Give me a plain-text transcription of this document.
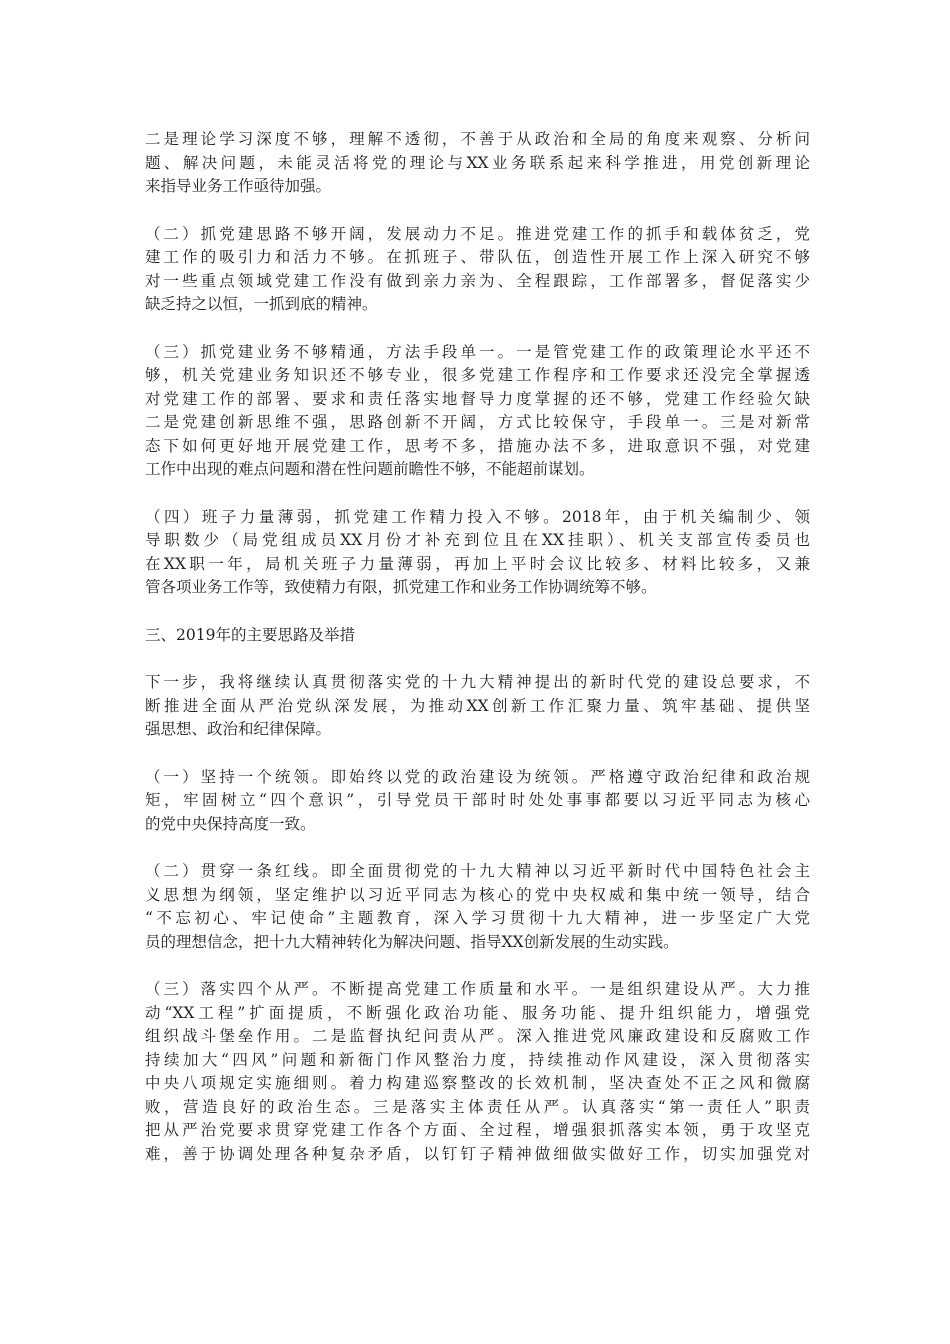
二是理论学习深度不够，理解不透彻，不善于从政治和全局的角度来观察、分析问
题、解决问题，未能灵活将党的理论与XX业务联系起来科学推进，用党创新理论
来指导业务工作亟待加强。
（二）抓党建思路不够开阔，发展动力不足。推进党建工作的抓手和载体贫乏，党
建工作的吸引力和活力不够。在抓班子、带队伍，创造性开展工作上深入研究不够
对一些重点领域党建工作没有做到亲力亲为、全程跟踪，工作部署多，督促落实少
缺乏持之以恒，一抓到底的精神。
（三）抓党建业务不够精通，方法手段单一。一是管党建工作的政策理论水平还不
够，机关党建业务知识还不够专业，很多党建工作程序和工作要求还没完全掌握透
对党建工作的部署、要求和责任落实地督导力度掌握的还不够，党建工作经验欠缺
二是党建创新思维不强，思路创新不开阔，方式比较保守，手段单一。三是对新常
态下如何更好地开展党建工作，思考不多，措施办法不多，进取意识不强，对党建
工作中出现的难点问题和潜在性问题前瞻性不够，不能超前谋划。
（四）班子力量薄弱，抓党建工作精力投入不够。2018年，由于机关编制少、领
导职数少（局党组成员XX月份才补充到位且在XX挂职）、机关支部宣传委员也
在XX职一年，局机关班子力量薄弱，再加上平时会议比较多、材料比较多，又兼
管各项业务工作等，致使精力有限，抓党建工作和业务工作协调统筹不够。
三、2019年的主要思路及举措
下一步，我将继续认真贯彻落实党的十九大精神提出的新时代党的建设总要求，不
断推进全面从严治党纵深发展，为推动XX创新工作汇聚力量、筑牢基础、提供坚
强思想、政治和纪律保障。
（一）坚持一个统领。即始终以党的政治建设为统领。严格遵守政治纪律和政治规
矩，牢固树立“四个意识”，引导党员干部时时处处事事都要以习近平同志为核心
的党中央保持高度一致。
（二）贯穿一条红线。即全面贯彻党的十九大精神以习近平新时代中国特色社会主
义思想为纲领，坚定维护以习近平同志为核心的党中央权威和集中统一领导，结合
“不忘初心、牢记使命”主题教育，深入学习贯彻十九大精神，进一步坚定广大党
员的理想信念，把十九大精神转化为解决问题、指导XX创新发展的生动实践。
（三）落实四个从严。不断提高党建工作质量和水平。一是组织建设从严。大力推
动“XX工程”扩面提质，不断强化政治功能、服务功能、提升组织能力，增强党
组织战斗堡垒作用。二是监督执纪问责从严。深入推进党风廉政建设和反腐败工作
持续加大“四风”问题和新衙门作风整治力度，持续推动作风建设，深入贯彻落实
中央八项规定实施细则。着力构建巡察整改的长效机制，坚决查处不正之风和微腐
败，营造良好的政治生态。三是落实主体责任从严。认真落实“第一责任人”职责
把从严治党要求贯穿党建工作各个方面、全过程，增强狠抓落实本领，勇于攻坚克
难，善于协调处理各种复杂矛盾，以钉钉子精神做细做实做好工作，切实加强党对
